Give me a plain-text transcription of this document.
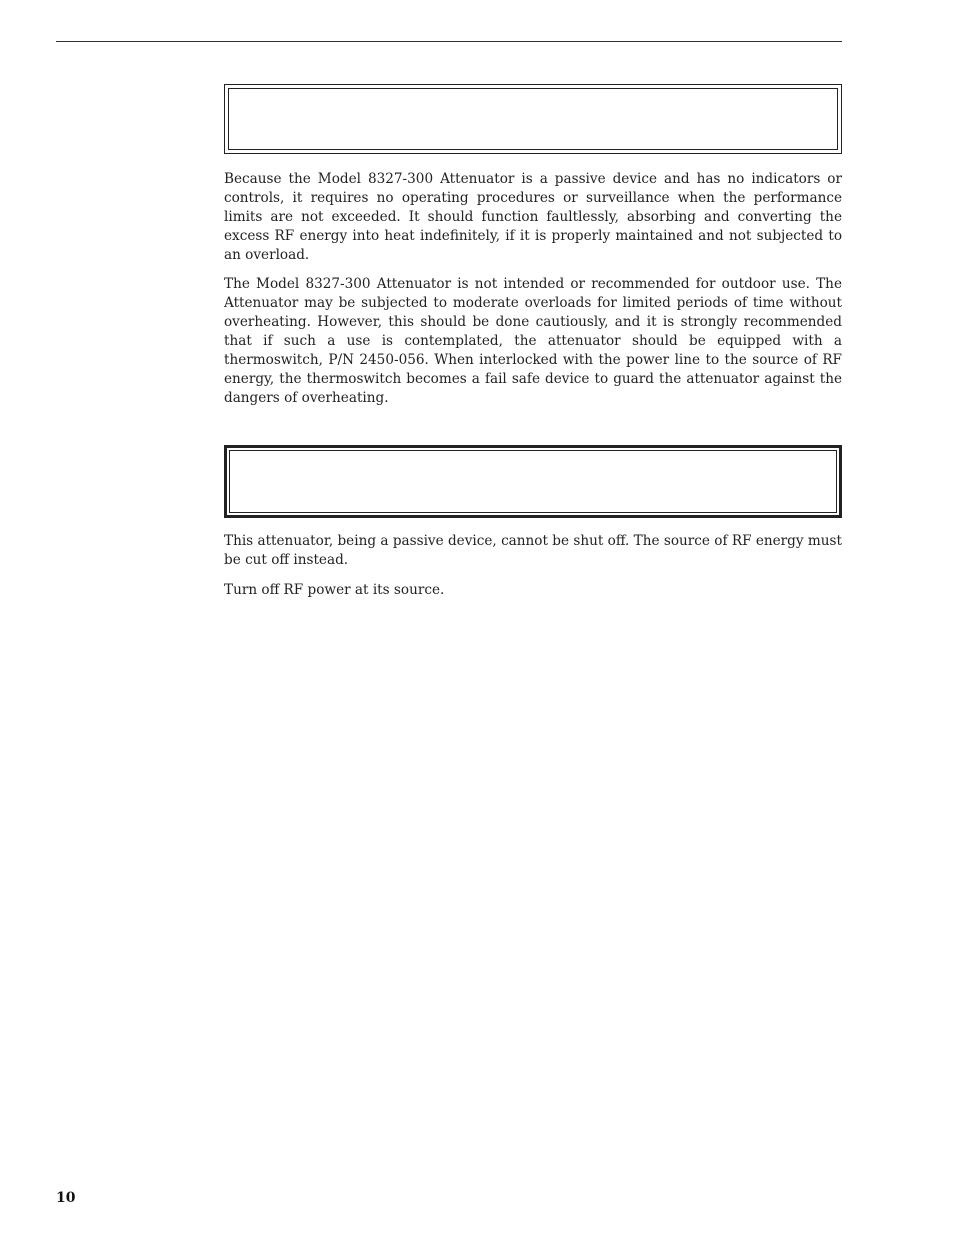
Because the Model 8327-300 Attenuator is a passive device and has no indicators or controls, it requires no operating procedures or surveillance when the performance limits are not exceeded. It should function faultlessly, absorbing and converting the excess RF energy into heat indefinitely, if it is properly maintained and not subjected to an overload.

The Model 8327-300 Attenuator is not intended or recommended for outdoor use. The Attenuator may be subjected to moderate overloads for limited periods of time without overheating. However, this should be done cautiously, and it is strongly recommended that if such a use is contemplated, the attenuator should be equipped with a thermoswitch, P/N 2450-056. When interlocked with the power line to the source of RF energy, the thermoswitch becomes a fail safe device to guard the attenuator against the dangers of overheating.

This attenuator, being a passive device, cannot be shut off. The source of RF energy must be cut off instead.

Turn off RF power at its source.

10
